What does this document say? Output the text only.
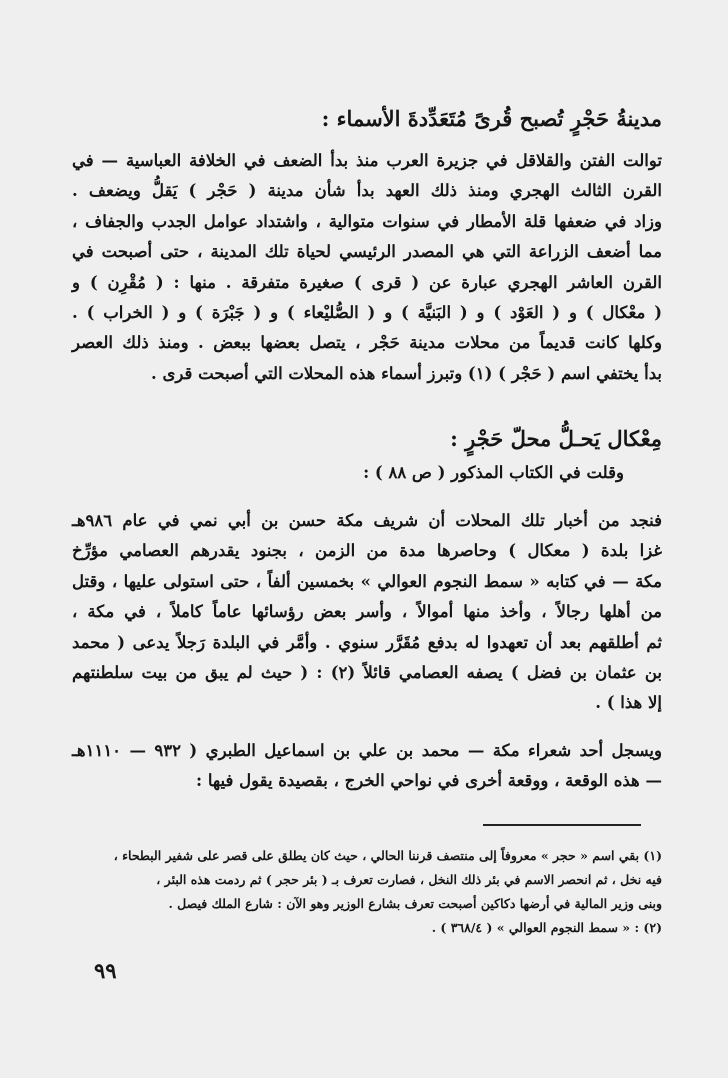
مدينةُ حَجْرٍ تُصبح قُرىً مُتَعَدِّدةَ الأسماء :
توالت الفتن والقلاقل في جزيرة العرب منذ بدأ الضعف في الخلافة العباسية — في
القرن الثالث الهجري ومنذ ذلك العهد بدأ شأن مدينة ( حَجْر ) يَقلُّ ويضعف .
وزاد في ضعفها قلة الأمطار في سنوات متوالية ، واشتداد عوامل الجدب والجفاف ،
مما أضعف الزراعة التي هي المصدر الرئيسي لحياة تلك المدينة ، حتى أصبحت في
القرن العاشر الهجري عبارة عن ( قرى ) صغيرة متفرقة . منها : ( مُقْرِن ) و
( معْكال ) و ( العَوْد ) و ( البَنيَّة ) و ( الصُّليْعاء ) و ( جَبْرَة ) و ( الخراب ) .
وكلها كانت قديماً من محلات مدينة حَجْر ، يتصل بعضها ببعض . ومنذ ذلك العصر
بدأ يختفي اسم ( حَجْر ) (١) وتبرز أسماء هذه المحلات التي أصبحت قرى .
مِعْكال يَحـلُّ محلّ حَجْرٍ :
وقلت في الكتاب المذكور ( ص ٨٨ ) :
فنجد من أخبار تلك المحلات أن شريف مكة حسن بن أبي نمي في عام ٩٨٦هـ
غزا بلدة ( معكال ) وحاصرها مدة من الزمن ، بجنود يقدرهم العصامي مؤرِّخ
مكة — في كتابه « سمط النجوم العوالي » بخمسين ألفاً ، حتى استولى عليها ، وقتل
من أهلها رجالاً ، وأخذ منها أموالاً ، وأسر بعض رؤسائها عاماً كاملاً ، في مكة ،
ثم أطلقهم بعد أن تعهدوا له بدفع مُقَرَّر سنوي . وأمَّر في البلدة رَجلاً يدعى ( محمد
بن عثمان بن فضل ) يصفه العصامي قائلاً (٢) : ( حيث لم يبق من بيت سلطنتهم
إلا هذا ) .
ويسجل أحد شعراء مكة — محمد بن علي بن اسماعيل الطبري ( ٩٣٢ — ١١١٠هـ
— هذه الوقعة ، ووقعة أخرى في نواحي الخرج ، بقصيدة يقول فيها :
(١) بقي اسم « حجر » معروفاً إلى منتصف قرننا الحالي ، حيث كان يطلق على قصر على شفير البطحاء ،
فيه نخل ، ثم انحصر الاسم في بئر ذلك النخل ، فصارت تعرف بـ ( بئر حجر ) ثم ردمت هذه البئر ،
وبنى وزير المالية في أرضها دكاكين أصبحت تعرف بشارع الوزير وهو الآن : شارع الملك فيصل .
(٢) : « سمط النجوم العوالي » ( ٣٦٨/٤ ) .
٩٩
